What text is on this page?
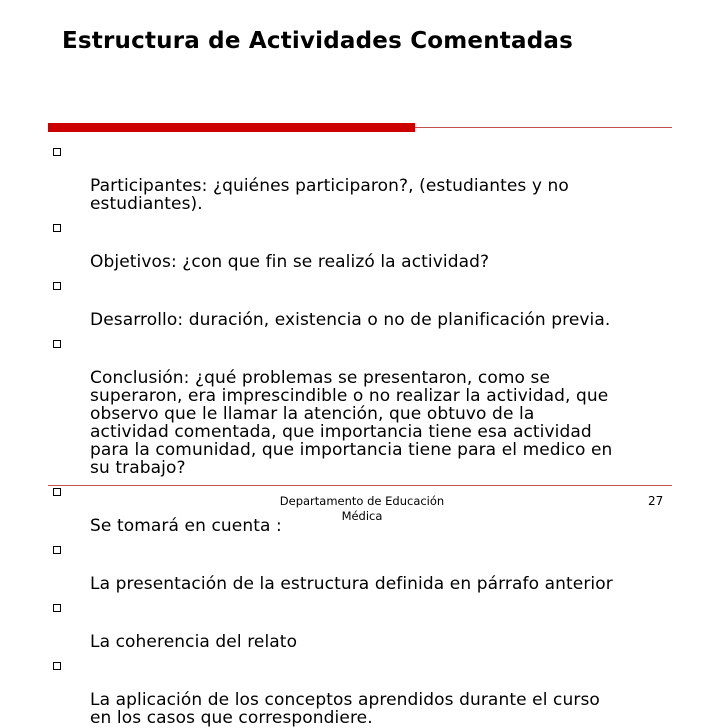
Estructura de Actividades Comentadas

Participantes: ¿quiénes participaron?, (estudiantes y no
estudiantes).

Objetivos: ¿con que fin se realizó la actividad?

Desarrollo: duración, existencia o no de planificación previa.

Conclusión: ¿qué problemas se presentaron, como se
superaron, era imprescindible o no realizar la actividad, que
observo que le llamar la atención, que obtuvo de la
actividad comentada, que importancia tiene esa actividad
para la comunidad, que importancia tiene para el medico en
su trabajo?

Se tomará en cuenta :

La presentación de la estructura definida en párrafo anterior

La coherencia del relato

La aplicación de los conceptos aprendidos durante el curso
en los casos que correspondiere.

Departamento de Educación
Médica
27
